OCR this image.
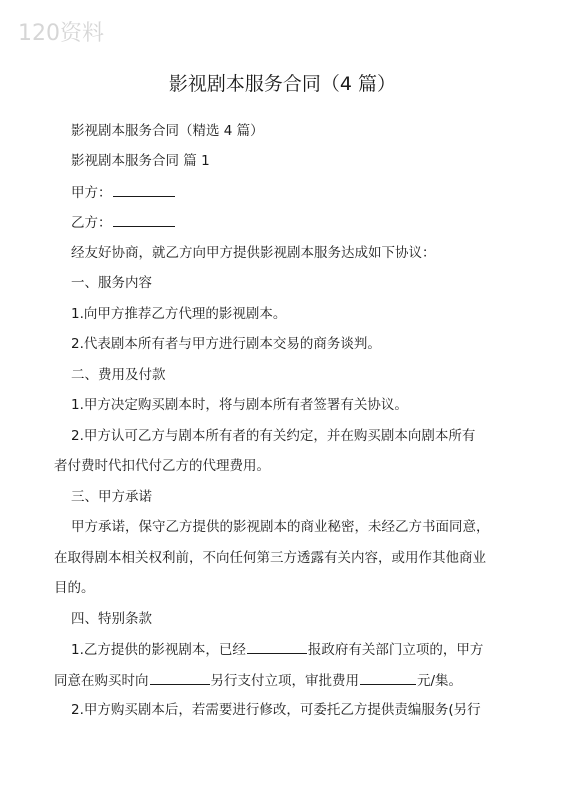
120资料
影视剧本服务合同（4 篇）
影视剧本服务合同（精选 4 篇）
影视剧本服务合同 篇 1
甲方：
乙方：
经友好协商，就乙方向甲方提供影视剧本服务达成如下协议：
一、服务内容
1.向甲方推荐乙方代理的影视剧本。
2.代表剧本所有者与甲方进行剧本交易的商务谈判。
二、费用及付款
1.甲方决定购买剧本时，将与剧本所有者签署有关协议。
2.甲方认可乙方与剧本所有者的有关约定，并在购买剧本向剧本所有
者付费时代扣代付乙方的代理费用。
三、甲方承诺
甲方承诺，保守乙方提供的影视剧本的商业秘密，未经乙方书面同意，
在取得剧本相关权利前，不向任何第三方透露有关内容，或用作其他商业
目的。
四、特别条款
1.乙方提供的影视剧本，已经	报政府有关部门立项的，甲方
同意在购买时向	另行支付立项，审批费用	元/集。
2.甲方购买剧本后，若需要进行修改，可委托乙方提供责编服务(另行
